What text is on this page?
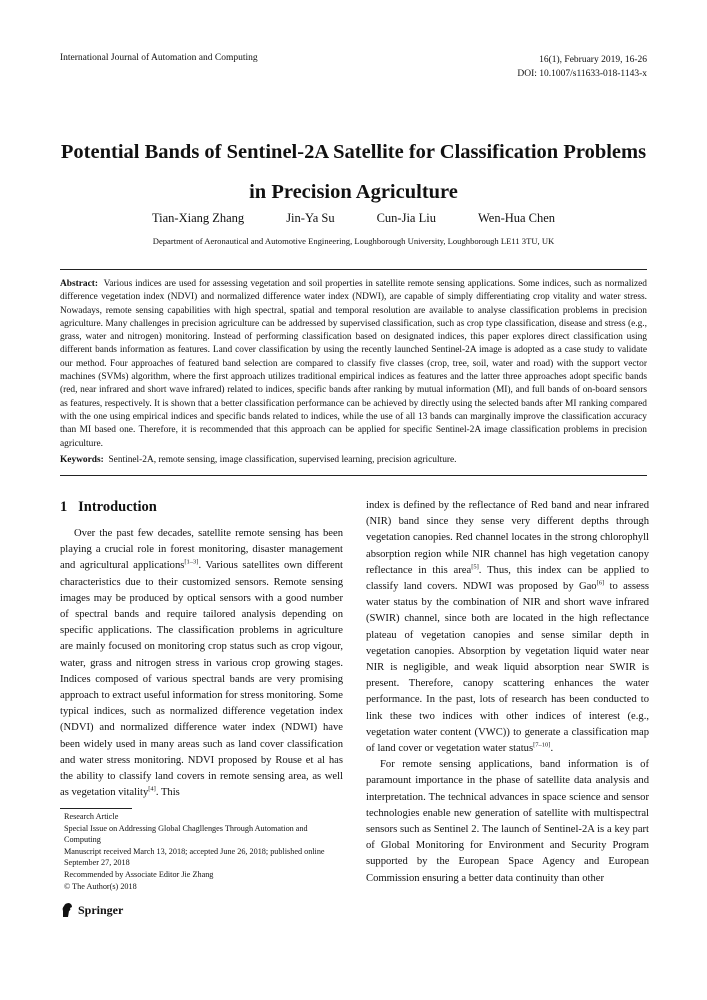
International Journal of Automation and Computing	16(1), February 2019, 16-26
DOI: 10.1007/s11633-018-1143-x
Potential Bands of Sentinel-2A Satellite for Classification Problems in Precision Agriculture
Tian-Xiang Zhang	Jin-Ya Su	Cun-Jia Liu	Wen-Hua Chen
Department of Aeronautical and Automotive Engineering, Loughborough University, Loughborough LE11 3TU, UK
Abstract: Various indices are used for assessing vegetation and soil properties in satellite remote sensing applications. Some indices, such as normalized difference vegetation index (NDVI) and normalized difference water index (NDWI), are capable of simply differentiating crop vitality and water stress. Nowadays, remote sensing capabilities with high spectral, spatial and temporal resolution are available to analyse classification problems in precision agriculture. Many challenges in precision agriculture can be addressed by supervised classification, such as crop type classification, disease and stress (e.g., grass, water and nitrogen) monitoring. Instead of performing classification based on designated indices, this paper explores direct classification using different bands information as features. Land cover classification by using the recently launched Sentinel-2A image is adopted as a case study to validate our method. Four approaches of featured band selection are compared to classify five classes (crop, tree, soil, water and road) with the support vector machines (SVMs) algorithm, where the first approach utilizes traditional empirical indices as features and the latter three approaches adopt specific bands (red, near infrared and short wave infrared) related to indices, specific bands after ranking by mutual information (MI), and full bands of on-board sensors as features, respectively. It is shown that a better classification performance can be achieved by directly using the selected bands after MI ranking compared with the one using empirical indices and specific bands related to indices, while the use of all 13 bands can marginally improve the classification accuracy than MI based one. Therefore, it is recommended that this approach can be applied for specific Sentinel-2A image classification problems in precision agriculture.
Keywords: Sentinel-2A, remote sensing, image classification, supervised learning, precision agriculture.
1 Introduction

Over the past few decades, satellite remote sensing has been playing a crucial role in forest monitoring, disaster management and agricultural applications[1–3]. Various satellites own different characteristics due to their customized sensors. Remote sensing images may be produced by optical sensors with a good number of spectral bands and require tailored analysis depending on specific applications. The classification problems in agriculture are mainly focused on monitoring crop status such as crop vigour, water, grass and nitrogen stress in various crop growing stages. Indices composed of various spectral bands are very promising approach to extract useful information for stress monitoring. Some typical indices, such as normalized difference vegetation index (NDVI) and normalized difference water index (NDWI) have been widely used in many areas such as land cover classification and water stress monitoring. NDVI proposed by Rouse et al has the ability to classify land covers in remote sensing area, as well as vegetation vitality[4]. This

Research Article
Special Issue on Addressing Global Chagllenges Through Automation and Computing
Manuscript received March 13, 2018; accepted June 26, 2018; published online September 27, 2018
Recommended by Associate Editor Jie Zhang
© The Author(s) 2018

index is defined by the reflectance of Red band and near infrared (NIR) band since they sense very different depths through vegetation canopies. Red channel locates in the strong chlorophyll absorption region while NIR channel has high vegetation canopy reflectance in this area[5]. Thus, this index can be applied to classify land covers. NDWI was proposed by Gao[6] to assess water status by the combination of NIR and short wave infrared (SWIR) channel, since both are located in the high reflectance plateau of vegetation canopies and sense similar depth in vegetation canopies. Absorption by vegetation liquid water near NIR is negligible, and weak liquid absorption near SWIR is present. Therefore, canopy scattering enhances the water performance. In the past, lots of research has been conducted to link these two indices with other indices of interest (e.g., vegetation water content (VWC)) to generate a classification map of land cover or vegetation water status[7–10].

For remote sensing applications, band information is of paramount importance in the phase of satellite data analysis and interpretation. The technical advances in space science and sensor technologies enable new generation of satellite with multispectral sensors such as Sentinel 2. The launch of Sentinel-2A is a key part of Global Monitoring for Environment and Security Program supported by the European Space Agency and European Commission ensuring a better data continuity than other

Springer
